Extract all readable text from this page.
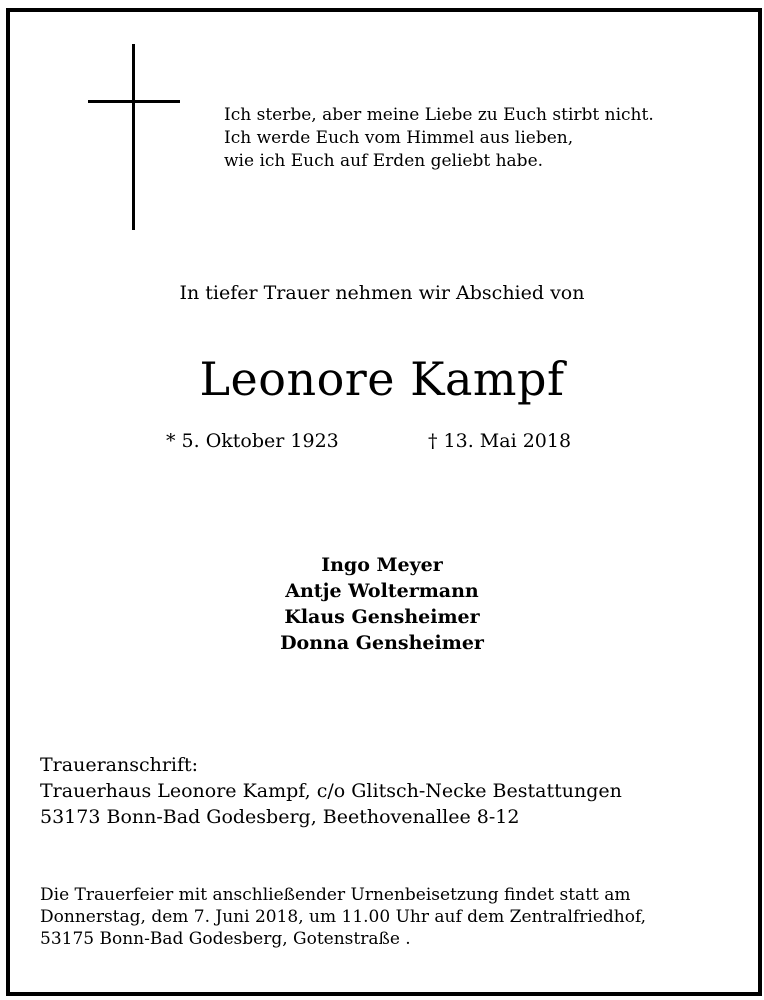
Ich sterbe, aber meine Liebe zu Euch stirbt nicht.
Ich werde Euch vom Himmel aus lieben,
wie ich Euch auf Erden geliebt habe.
In tiefer Trauer nehmen wir Abschied von
Leonore Kampf
* 5. Oktober 1923	† 13. Mai 2018
Ingo Meyer
Antje Woltermann
Klaus Gensheimer
Donna Gensheimer
Traueranschrift:
Trauerhaus Leonore Kampf, c/o Glitsch-Necke Bestattungen
53173 Bonn-Bad Godesberg, Beethovenallee 8-12
Die Trauerfeier mit anschließender Urnenbeisetzung findet statt am
Donnerstag, dem 7. Juni 2018, um 11.00 Uhr auf dem Zentralfriedhof,
53175 Bonn-Bad Godesberg, Gotenstraße .
